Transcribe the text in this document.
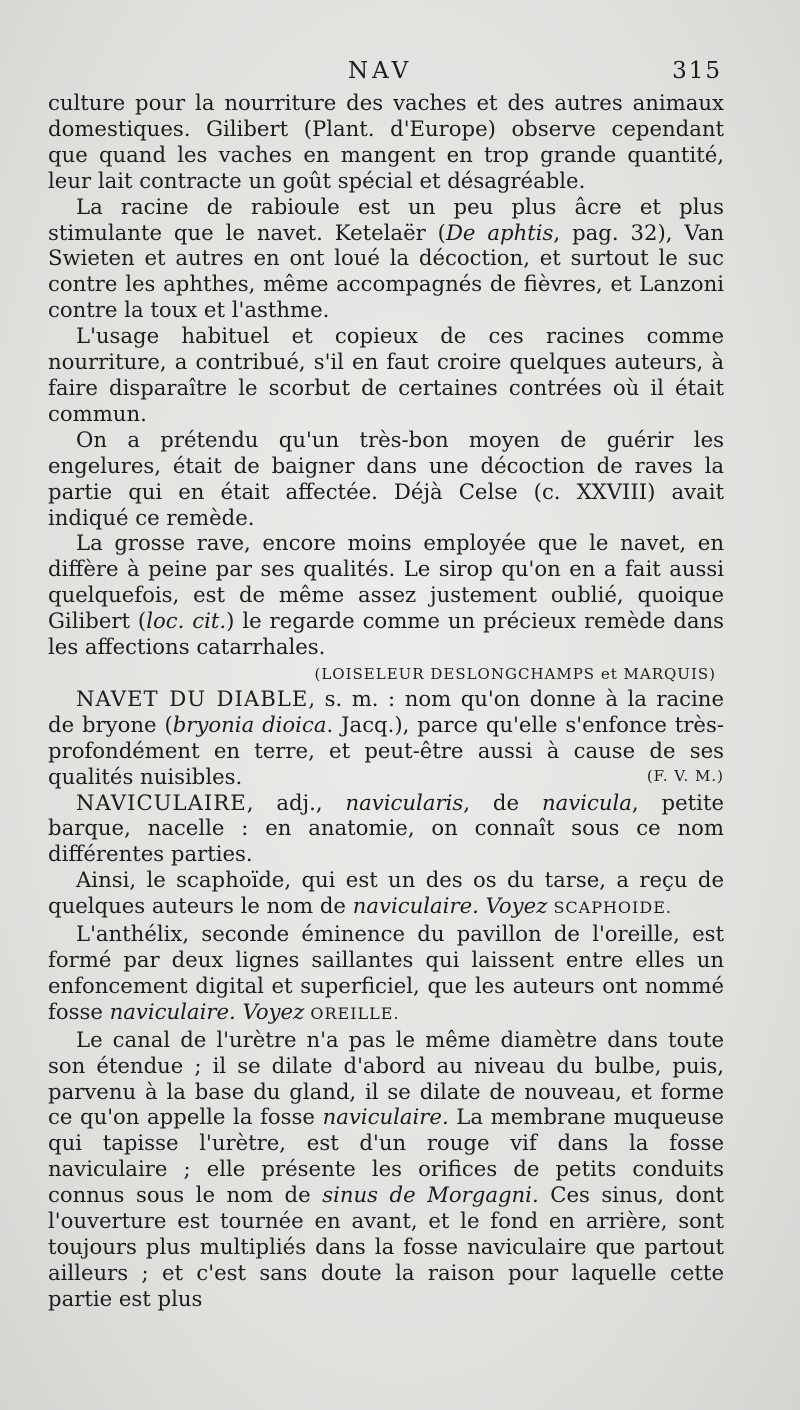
NAV	315

culture pour la nourriture des vaches et des autres animaux domestiques. Gilibert (Plant. d'Europe) observe cependant que quand les vaches en mangent en trop grande quantité, leur lait contracte un goût spécial et désagréable.

La racine de rabioule est un peu plus âcre et plus stimulante que le navet. Ketelaër (De aphtis, pag. 32), Van Swieten et autres en ont loué la décoction, et surtout le suc contre les aphthes, même accompagnés de fièvres, et Lanzoni contre la toux et l'asthme.

L'usage habituel et copieux de ces racines comme nourriture, a contribué, s'il en faut croire quelques auteurs, à faire disparaître le scorbut de certaines contrées où il était commun.

On a prétendu qu'un très-bon moyen de guérir les engelures, était de baigner dans une décoction de raves la partie qui en était affectée. Déjà Celse (c. XXVIII) avait indiqué ce remède.

La grosse rave, encore moins employée que le navet, en diffère à peine par ses qualités. Le sirop qu'on en a fait aussi quelquefois, est de même assez justement oublié, quoique Gilibert (loc. cit.) le regarde comme un précieux remède dans les affections catarrhales.

(LOISELEUR DESLONGCHAMPS et MARQUIS)

NAVET DU DIABLE, s. m. : nom qu'on donne à la racine de bryone (bryonia dioica. Jacq.), parce qu'elle s'enfonce très-profondément en terre, et peut-être aussi à cause de ses qualités nuisibles.	(F. V. M.)

NAVICULAIRE, adj., navicularis, de navicula, petite barque, nacelle : en anatomie, on connaît sous ce nom différentes parties.

Ainsi, le scaphoïde, qui est un des os du tarse, a reçu de quelques auteurs le nom de naviculaire. Voyez SCAPHOIDE.

L'anthélix, seconde éminence du pavillon de l'oreille, est formé par deux lignes saillantes qui laissent entre elles un enfoncement digital et superficiel, que les auteurs ont nommé fosse naviculaire. Voyez OREILLE.

Le canal de l'urètre n'a pas le même diamètre dans toute son étendue ; il se dilate d'abord au niveau du bulbe, puis, parvenu à la base du gland, il se dilate de nouveau, et forme ce qu'on appelle la fosse naviculaire. La membrane muqueuse qui tapisse l'urètre, est d'un rouge vif dans la fosse naviculaire ; elle présente les orifices de petits conduits connus sous le nom de sinus de Morgagni. Ces sinus, dont l'ouverture est tournée en avant, et le fond en arrière, sont toujours plus multipliés dans la fosse naviculaire que partout ailleurs ; et c'est sans doute la raison pour laquelle cette partie est plus
